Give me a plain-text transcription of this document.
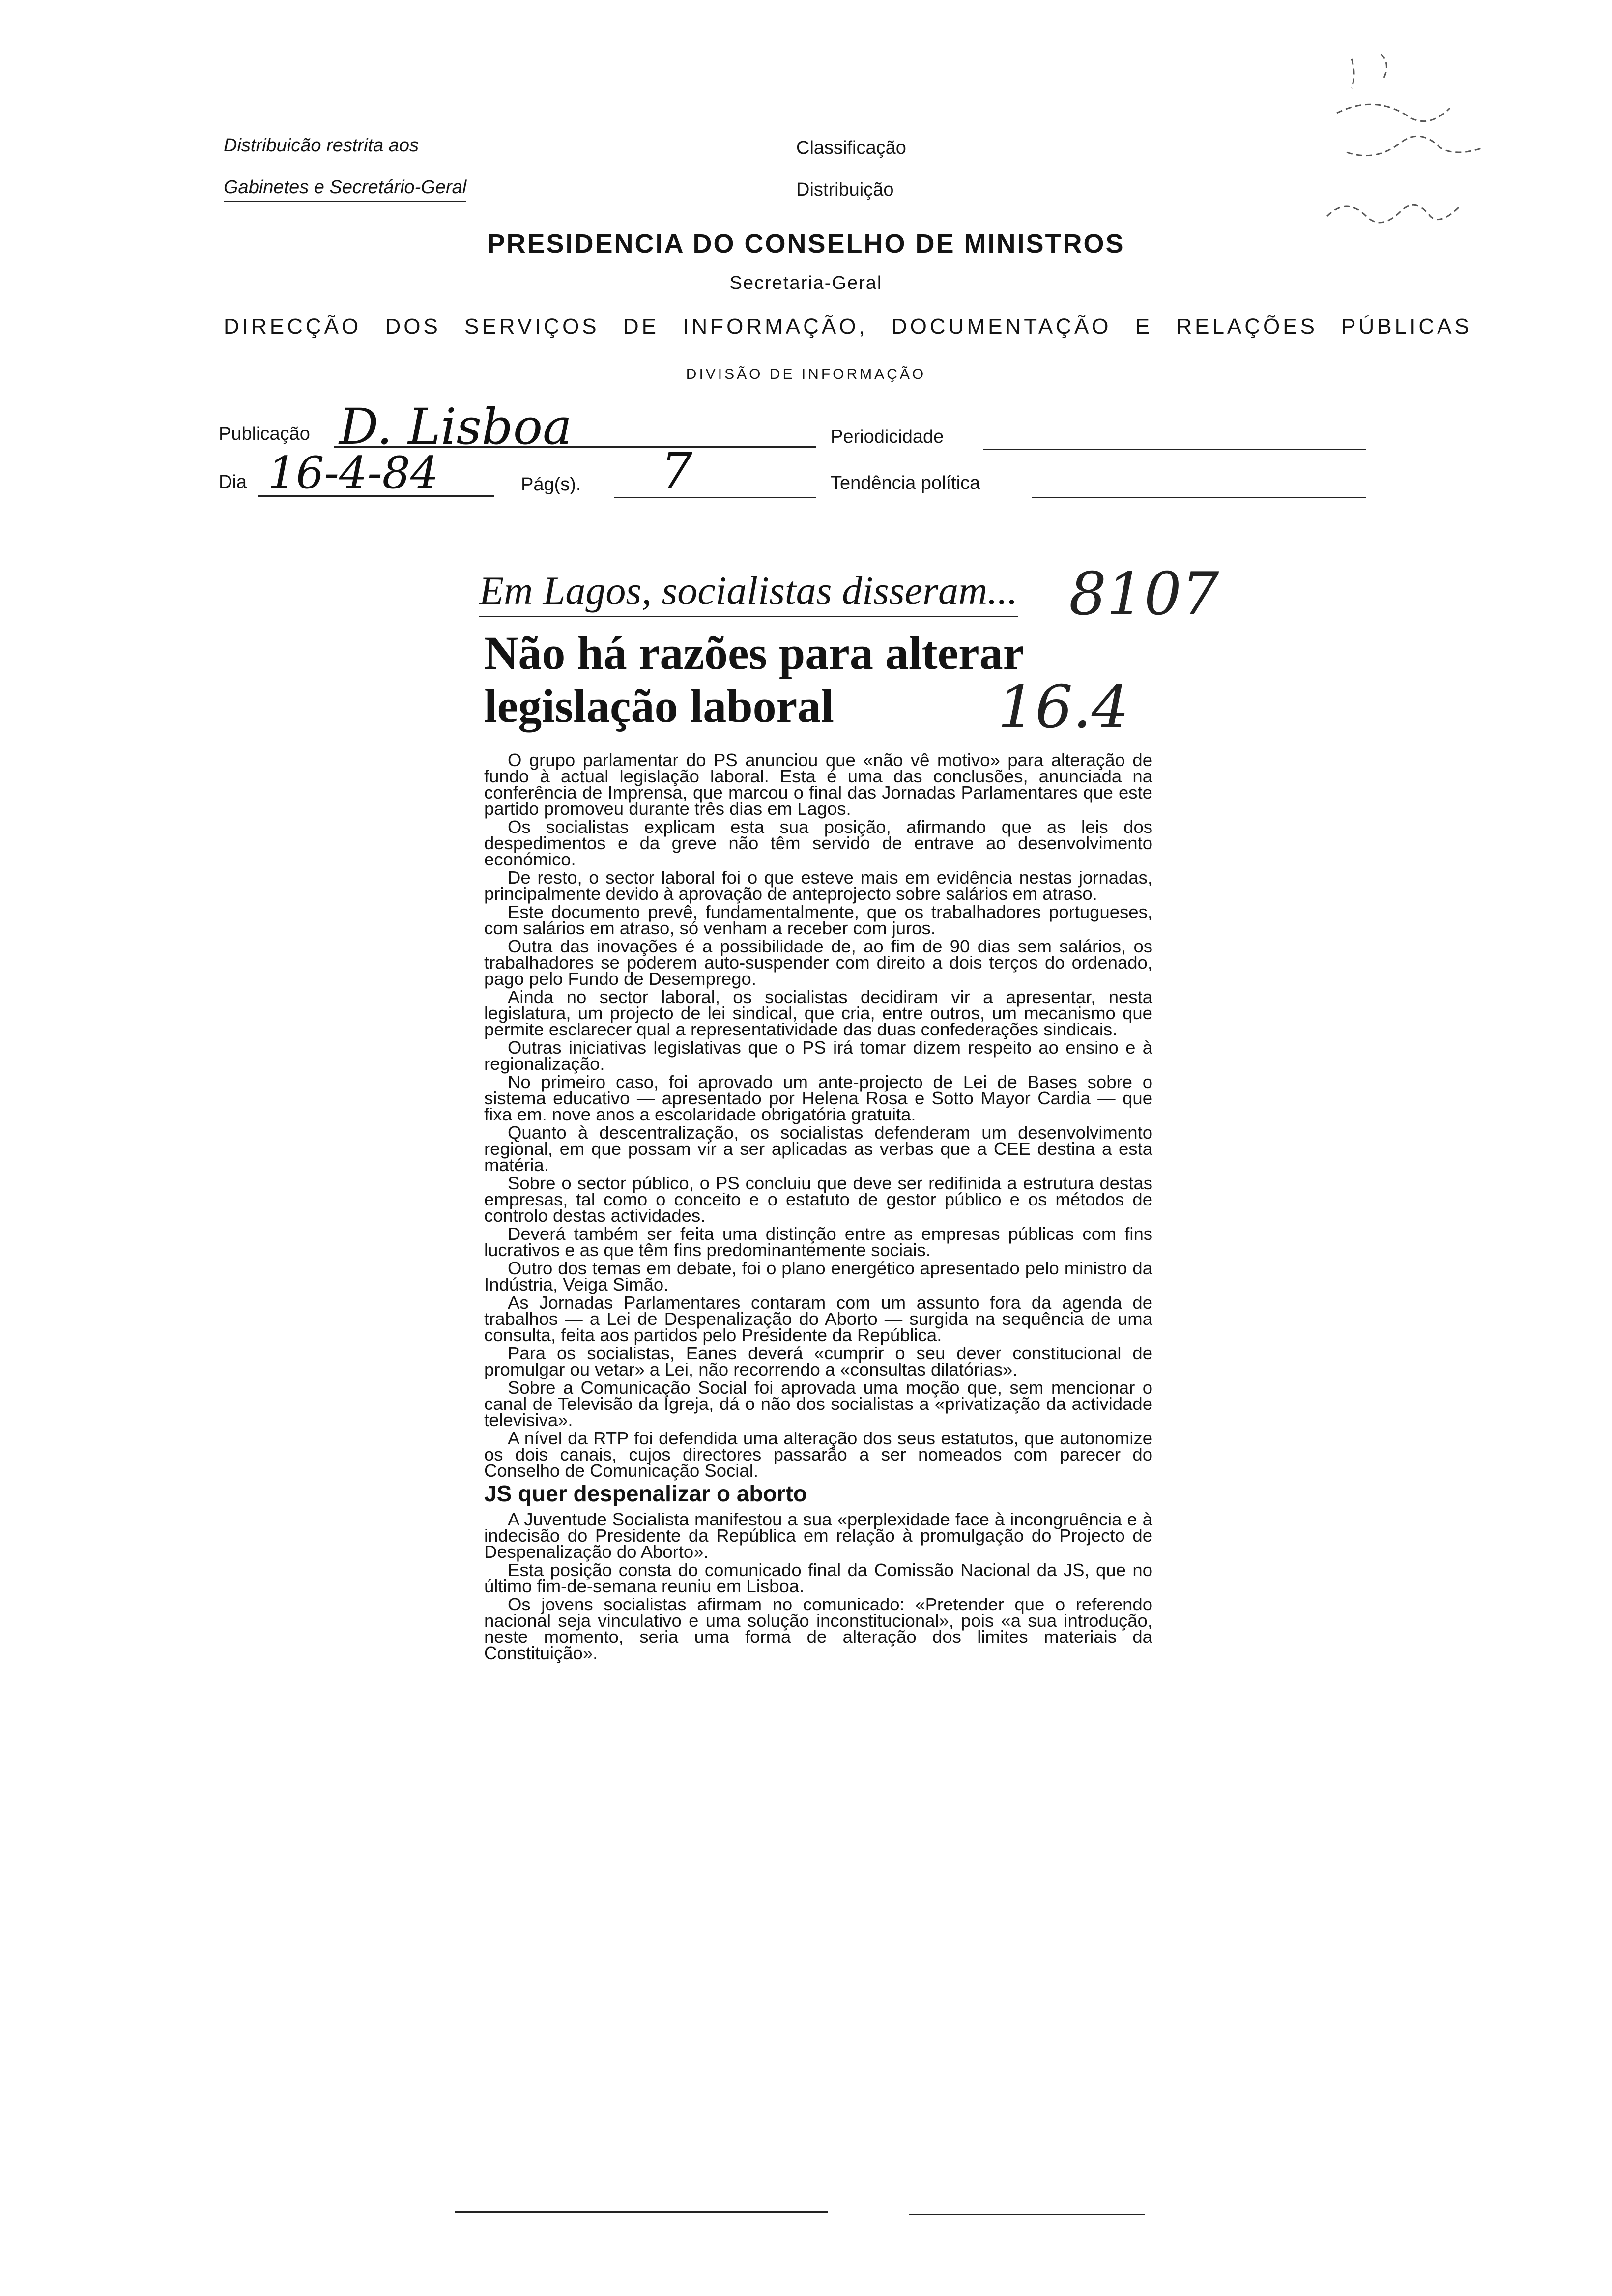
Distribuicão restrita aos
Gabinetes e Secretário-Geral
Classificação
Distribuição
PRESIDENCIA DO CONSELHO DE MINISTROS
Secretaria-Geral
DIRECÇÃO DOS SERVIÇOS DE INFORMAÇÃO, DOCUMENTAÇÃO E RELAÇÕES PÚBLICAS
DIVISÃO DE INFORMAÇÃO
Publicação D. Lisboa	Periodicidade
Dia 16-4-84	Pág(s). 7	Tendência política
8107
16.4
Em Lagos, socialistas disseram...
Não há razões para alterar legislação laboral

O grupo parlamentar do PS anunciou que «não vê motivo» para alteração de fundo à actual legislação laboral. Esta é uma das conclusões, anunciada na conferência de Imprensa, que marcou o final das Jornadas Parlamentares que este partido promoveu durante três dias em Lagos.

Os socialistas explicam esta sua posição, afirmando que as leis dos despedimentos e da greve não têm servido de entrave ao desenvolvimento económico.

De resto, o sector laboral foi o que esteve mais em evidência nestas jornadas, principalmente devido à aprovação de anteprojecto sobre salários em atraso.

Este documento prevê, fundamentalmente, que os trabalhadores portugueses, com salários em atraso, só venham a receber com juros.

Outra das inovações é a possibilidade de, ao fim de 90 dias sem salários, os trabalhadores se poderem auto-suspender com direito a dois terços do ordenado, pago pelo Fundo de Desemprego.

Ainda no sector laboral, os socialistas decidiram vir a apresentar, nesta legislatura, um projecto de lei sindical, que cria, entre outros, um mecanismo que permite esclarecer qual a representatividade das duas confederações sindicais.

Outras iniciativas legislativas que o PS irá tomar dizem respeito ao ensino e à regionalização.

No primeiro caso, foi aprovado um ante-projecto de Lei de Bases sobre o sistema educativo — apresentado por Helena Rosa e Sotto Mayor Cardia — que fixa em. nove anos a escolaridade obrigatória gratuita.

Quanto à descentralização, os socialistas defenderam um desenvolvimento regional, em que possam vir a ser aplicadas as verbas que a CEE destina a esta matéria.

Sobre o sector público, o PS concluiu que deve ser redifinida a estrutura destas empresas, tal como o conceito e o estatuto de gestor público e os métodos de controlo destas actividades.

Deverá também ser feita uma distinção entre as empresas públicas com fins lucrativos e as que têm fins predominantemente sociais.

Outro dos temas em debate, foi o plano energético apresentado pelo ministro da Indústria, Veiga Simão.

As Jornadas Parlamentares contaram com um assunto fora da agenda de trabalhos — a Lei de Despenalização do Aborto — surgida na sequência de uma consulta, feita aos partidos pelo Presidente da República.

Para os socialistas, Eanes deverá «cumprir o seu dever constitucional de promulgar ou vetar» a Lei, não recorrendo a «consultas dilatórias».

Sobre a Comunicação Social foi aprovada uma moção que, sem mencionar o canal de Televisão da Igreja, dá o não dos socialistas a «privatização da actividade televisiva».

A nível da RTP foi defendida uma alteração dos seus estatutos, que autonomize os dois canais, cujos directores passarão a ser nomeados com parecer do Conselho de Comunicação Social.

JS quer despenalizar o aborto

A Juventude Socialista manifestou a sua «perplexidade face à incongruência e à indecisão do Presidente da República em relação à promulgação do Projecto de Despenalização do Aborto».

Esta posição consta do comunicado final da Comissão Nacional da JS, que no último fim-de-semana reuniu em Lisboa.

Os jovens socialistas afirmam no comunicado: «Pretender que o referendo nacional seja vinculativo e uma solução inconstitucional», pois «a sua introdução, neste momento, seria uma forma de alteração dos limites materiais da Constituição».
